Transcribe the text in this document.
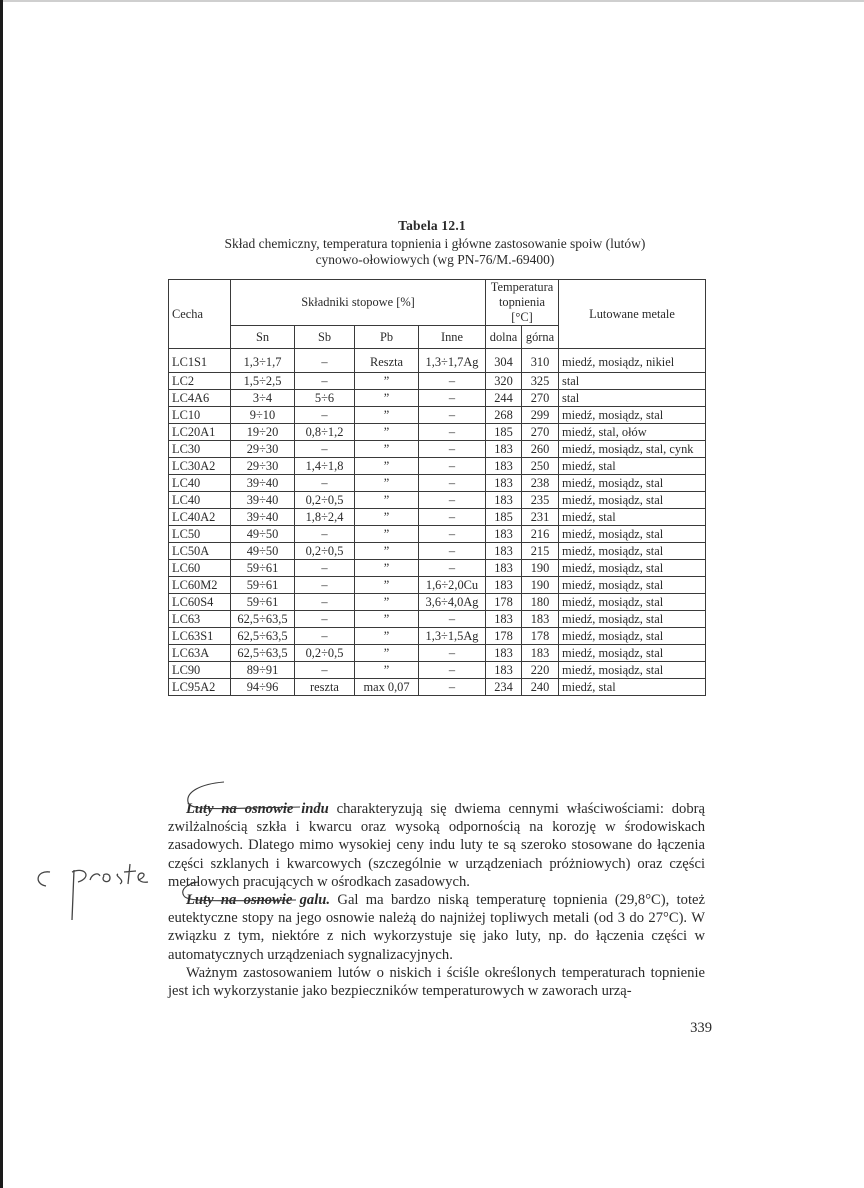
Tabela 12.1
Skład chemiczny, temperatura topnienia i główne zastosowanie spoiw (lutów)
cynowo-ołowiowych (wg PN-76/M.-69400)
Cecha	Składniki stopowe [%]				Temperatura
topnienia
[°C]		Lutowane metale
	Sn	Sb	Pb	Inne	dolna	górna	
LC1S1	1,3÷1,7	–	Reszta	1,3÷1,7Ag	304	310	miedź, mosiądz, nikiel
LC2	1,5÷2,5	–	”	–	320	325	stal
LC4A6	3÷4	5÷6	”	–	244	270	stal
LC10	9÷10	–	”	–	268	299	miedź, mosiądz, stal
LC20A1	19÷20	0,8÷1,2	”	–	185	270	miedź, stal, ołów
LC30	29÷30	–	”	–	183	260	miedź, mosiądz, stal, cynk
LC30A2	29÷30	1,4÷1,8	”	–	183	250	miedź, stal
LC40	39÷40	–	”	–	183	238	miedź, mosiądz, stal
LC40	39÷40	0,2÷0,5	”	–	183	235	miedź, mosiądz, stal
LC40A2	39÷40	1,8÷2,4	”	–	185	231	miedź, stal
LC50	49÷50	–	”	–	183	216	miedź, mosiądz, stal
LC50A	49÷50	0,2÷0,5	”	–	183	215	miedź, mosiądz, stal
LC60	59÷61	–	”	–	183	190	miedź, mosiądz, stal
LC60M2	59÷61	–	”	1,6÷2,0Cu	183	190	miedź, mosiądz, stal
LC60S4	59÷61	–	”	3,6÷4,0Ag	178	180	miedź, mosiądz, stal
LC63	62,5÷63,5	–	”	–	183	183	miedź, mosiądz, stal
LC63S1	62,5÷63,5	–	”	1,3÷1,5Ag	178	178	miedź, mosiądz, stal
LC63A	62,5÷63,5	0,2÷0,5	”	–	183	183	miedź, mosiądz, stal
LC90	89÷91	–	”	–	183	220	miedź, mosiądz, stal
LC95A2	94÷96	reszta	max 0,07	–	234	240	miedź, stal

Luty na osnowie indu charakteryzują się dwiema cennymi właściwościami: dobrą zwilżalnością szkła i kwarcu oraz wysoką odpornością na korozję w środowiskach zasadowych. Dlatego mimo wysokiej ceny indu luty te są szeroko stosowane do łączenia części szklanych i kwarcowych (szczególnie w urządzeniach próżniowych) oraz części metalowych pracujących w ośrodkach zasadowych.

Luty na osnowie galu. Gal ma bardzo niską temperaturę topnienia (29,8°C), toteż eutektyczne stopy na jego osnowie należą do najniżej topliwych metali (od 3 do 27°C). W związku z tym, niektóre z nich wykorzystuje się jako luty, np. do łączenia części w automatycznych urządzeniach sygnalizacyjnych.

Ważnym zastosowaniem lutów o niskich i ściśle określonych temperaturach topnienie jest ich wykorzystanie jako bezpieczników temperaturowych w zaworach urzą-

339
